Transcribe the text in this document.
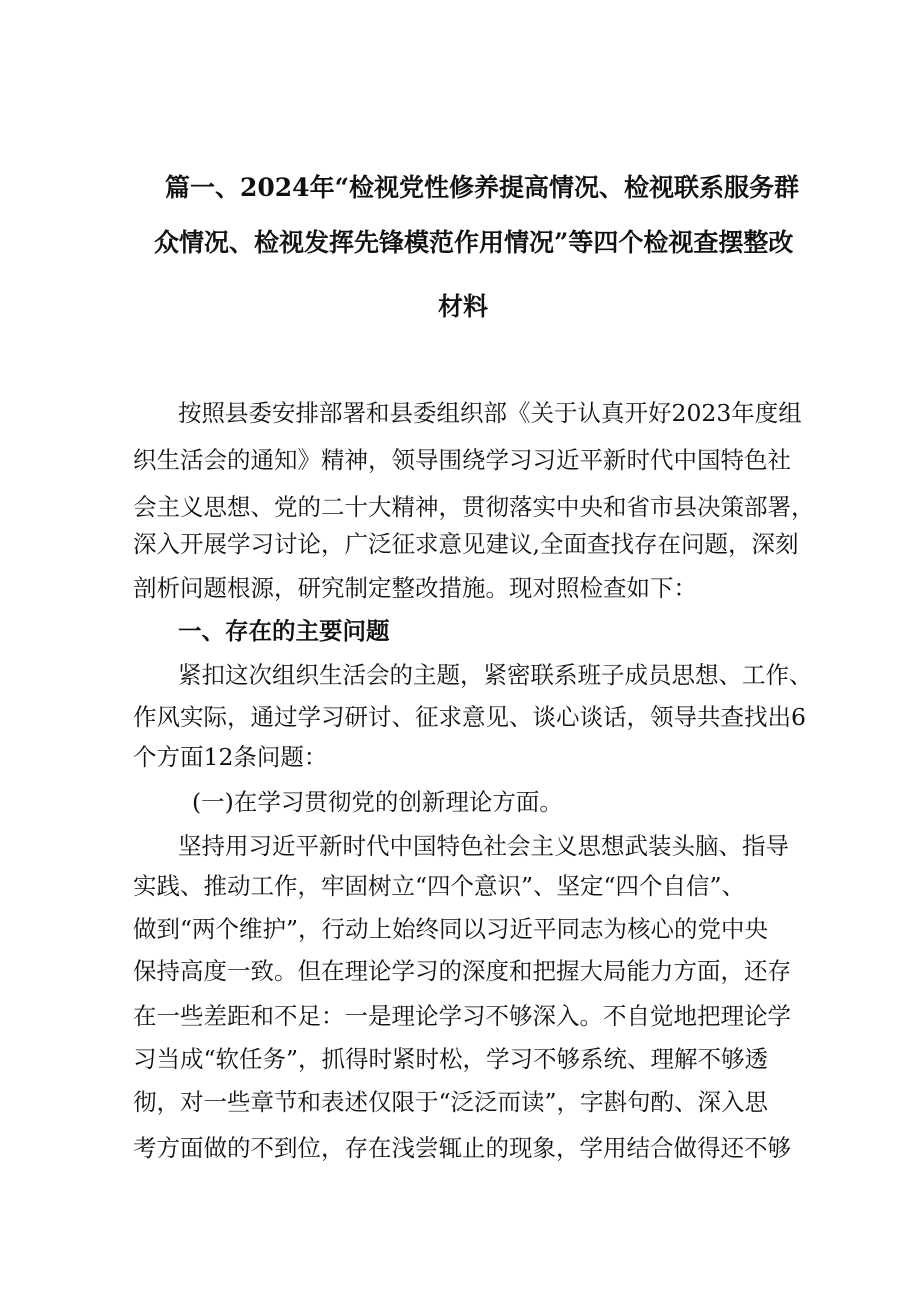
篇一、2024年“检视党性修养提高情况、检视联系服务群
众情况、检视发挥先锋模范作用情况”等四个检视查摆整改
材料
按照县委安排部署和县委组织部《关于认真开好2023年度组
织生活会的通知》精神，领导围绕学习习近平新时代中国特色社
会主义思想、党的二十大精神，贯彻落实中央和省市县决策部署，
深入开展学习讨论，广泛征求意见建议,全面查找存在问题，深刻
剖析问题根源，研究制定整改措施。现对照检查如下：
一、存在的主要问题
紧扣这次组织生活会的主题，紧密联系班子成员思想、工作、
作风实际，通过学习研讨、征求意见、谈心谈话，领导共查找出6
个方面12条问题：
(一)在学习贯彻党的创新理论方面。
坚持用习近平新时代中国特色社会主义思想武装头脑、指导
实践、推动工作，牢固树立“四个意识”、坚定“四个自信”、
做到“两个维护”，行动上始终同以习近平同志为核心的党中央
保持高度一致。但在理论学习的深度和把握大局能力方面，还存
在一些差距和不足：一是理论学习不够深入。不自觉地把理论学
习当成“软任务”，抓得时紧时松，学习不够系统、理解不够透
彻，对一些章节和表述仅限于“泛泛而读”，字斟句酌、深入思
考方面做的不到位，存在浅尝辄止的现象，学用结合做得还不够
